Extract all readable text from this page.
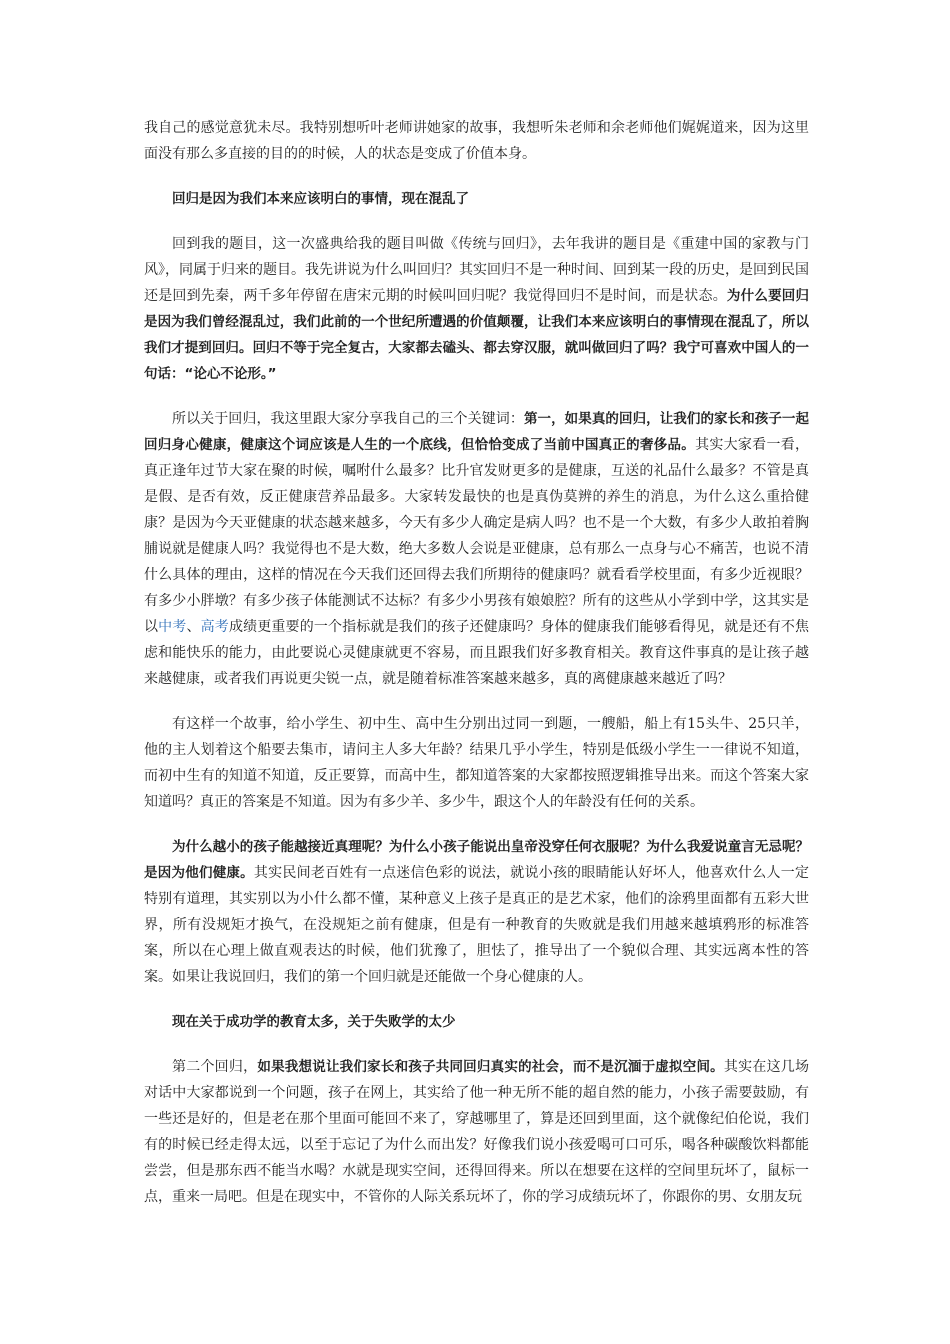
我自己的感觉意犹未尽。我特别想听叶老师讲她家的故事，我想听朱老师和余老师他们娓娓道来，因为这里面没有那么多直接的目的的时候，人的状态是变成了价值本身。

回归是因为我们本来应该明白的事情，现在混乱了

回到我的题目，这一次盛典给我的题目叫做《传统与回归》，去年我讲的题目是《重建中国的家教与门风》，同属于归来的题目。我先讲说为什么叫回归？其实回归不是一种时间、回到某一段的历史，是回到民国还是回到先秦，两千多年停留在唐宋元期的时候叫回归呢？我觉得回归不是时间，而是状态。为什么要回归是因为我们曾经混乱过，我们此前的一个世纪所遭遇的价值颠覆，让我们本来应该明白的事情现在混乱了，所以我们才提到回归。回归不等于完全复古，大家都去磕头、都去穿汉服，就叫做回归了吗？我宁可喜欢中国人的一句话：“论心不论形。”

所以关于回归，我这里跟大家分享我自己的三个关键词：第一，如果真的回归，让我们的家长和孩子一起回归身心健康，健康这个词应该是人生的一个底线，但恰恰变成了当前中国真正的奢侈品。其实大家看一看，真正逢年过节大家在聚的时候，嘱咐什么最多？比升官发财更多的是健康，互送的礼品什么最多？不管是真是假、是否有效，反正健康营养品最多。大家转发最快的也是真伪莫辨的养生的消息，为什么这么重拾健康？是因为今天亚健康的状态越来越多，今天有多少人确定是病人吗？也不是一个大数，有多少人敢拍着胸脯说就是健康人吗？我觉得也不是大数，绝大多数人会说是亚健康，总有那么一点身与心不痛苦，也说不清什么具体的理由，这样的情况在今天我们还回得去我们所期待的健康吗？就看看学校里面，有多少近视眼？有多少小胖墩？有多少孩子体能测试不达标？有多少小男孩有娘娘腔？所有的这些从小学到中学，这其实是以中考、高考成绩更重要的一个指标就是我们的孩子还健康吗？身体的健康我们能够看得见，就是还有不焦虑和能快乐的能力，由此要说心灵健康就更不容易，而且跟我们好多教育相关。教育这件事真的是让孩子越来越健康，或者我们再说更尖锐一点，就是随着标准答案越来越多，真的离健康越来越近了吗？

有这样一个故事，给小学生、初中生、高中生分别出过同一到题，一艘船，船上有15头牛、25只羊，他的主人划着这个船要去集市，请问主人多大年龄？结果几乎小学生，特别是低级小学生一一律说不知道，而初中生有的知道不知道，反正要算，而高中生，都知道答案的大家都按照逻辑推导出来。而这个答案大家知道吗？真正的答案是不知道。因为有多少羊、多少牛，跟这个人的年龄没有任何的关系。

为什么越小的孩子能越接近真理呢？为什么小孩子能说出皇帝没穿任何衣服呢？为什么我爱说童言无忌呢？是因为他们健康。其实民间老百姓有一点迷信色彩的说法，就说小孩的眼睛能认好坏人，他喜欢什么人一定特别有道理，其实别以为小什么都不懂，某种意义上孩子是真正的是艺术家，他们的涂鸦里面都有五彩大世界，所有没规矩才换气，在没规矩之前有健康，但是有一种教育的失败就是我们用越来越填鸦形的标准答案，所以在心理上做直观表达的时候，他们犹豫了，胆怯了，推导出了一个貌似合理、其实远离本性的答案。如果让我说回归，我们的第一个回归就是还能做一个身心健康的人。

现在关于成功学的教育太多，关于失败学的太少

第二个回归，如果我想说让我们家长和孩子共同回归真实的社会，而不是沉湎于虚拟空间。其实在这几场对话中大家都说到一个问题，孩子在网上，其实给了他一种无所不能的超自然的能力，小孩子需要鼓励，有一些还是好的，但是老在那个里面可能回不来了，穿越哪里了，算是还回到里面，这个就像纪伯伦说，我们有的时候已经走得太远，以至于忘记了为什么而出发？好像我们说小孩爱喝可口可乐，喝各种碳酸饮料都能尝尝，但是那东西不能当水喝？水就是现实空间，还得回得来。所以在想要在这样的空间里玩坏了，鼠标一点，重来一局吧。但是在现实中，不管你的人际关系玩坏了，你的学习成绩玩坏了，你跟你的男、女朋友玩
